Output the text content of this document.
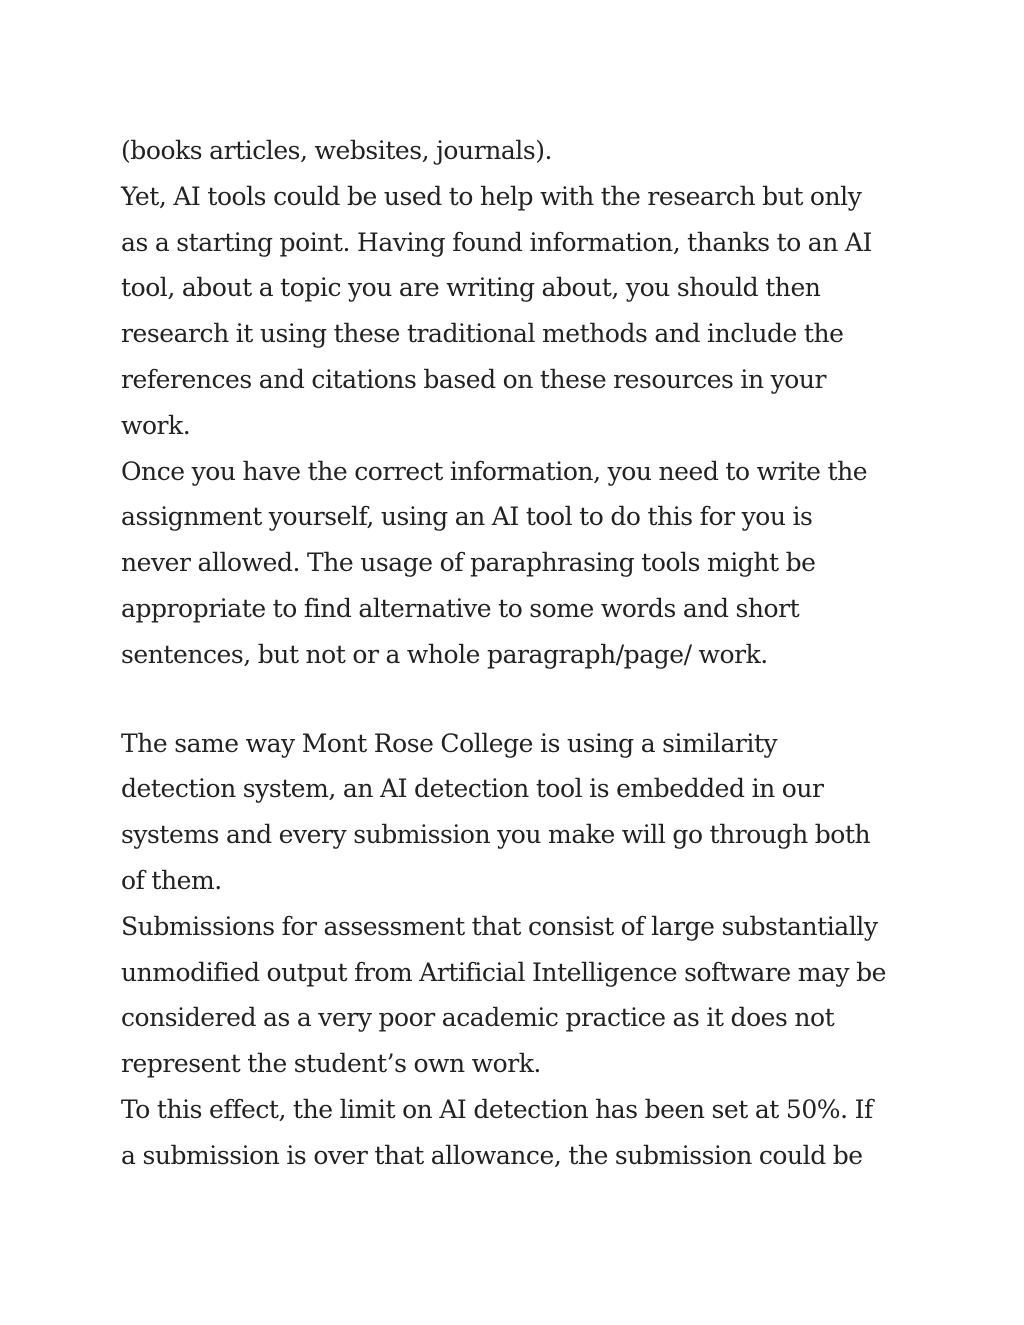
(books articles, websites, journals).

Yet, AI tools could be used to help with the research but only
as a starting point. Having found information, thanks to an AI
tool, about a topic you are writing about, you should then
research it using these traditional methods and include the
references and citations based on these resources in your
work.

Once you have the correct information, you need to write the
assignment yourself, using an AI tool to do this for you is
never allowed. The usage of paraphrasing tools might be
appropriate to find alternative to some words and short
sentences, but not or a whole paragraph/page/ work.

The same way Mont Rose College is using a similarity
detection system, an AI detection tool is embedded in our
systems and every submission you make will go through both
of them.

Submissions for assessment that consist of large substantially
unmodified output from Artificial Intelligence software may be
considered as a very poor academic practice as it does not
represent the student’s own work.

To this effect, the limit on AI detection has been set at 50%. If
a submission is over that allowance, the submission could be
